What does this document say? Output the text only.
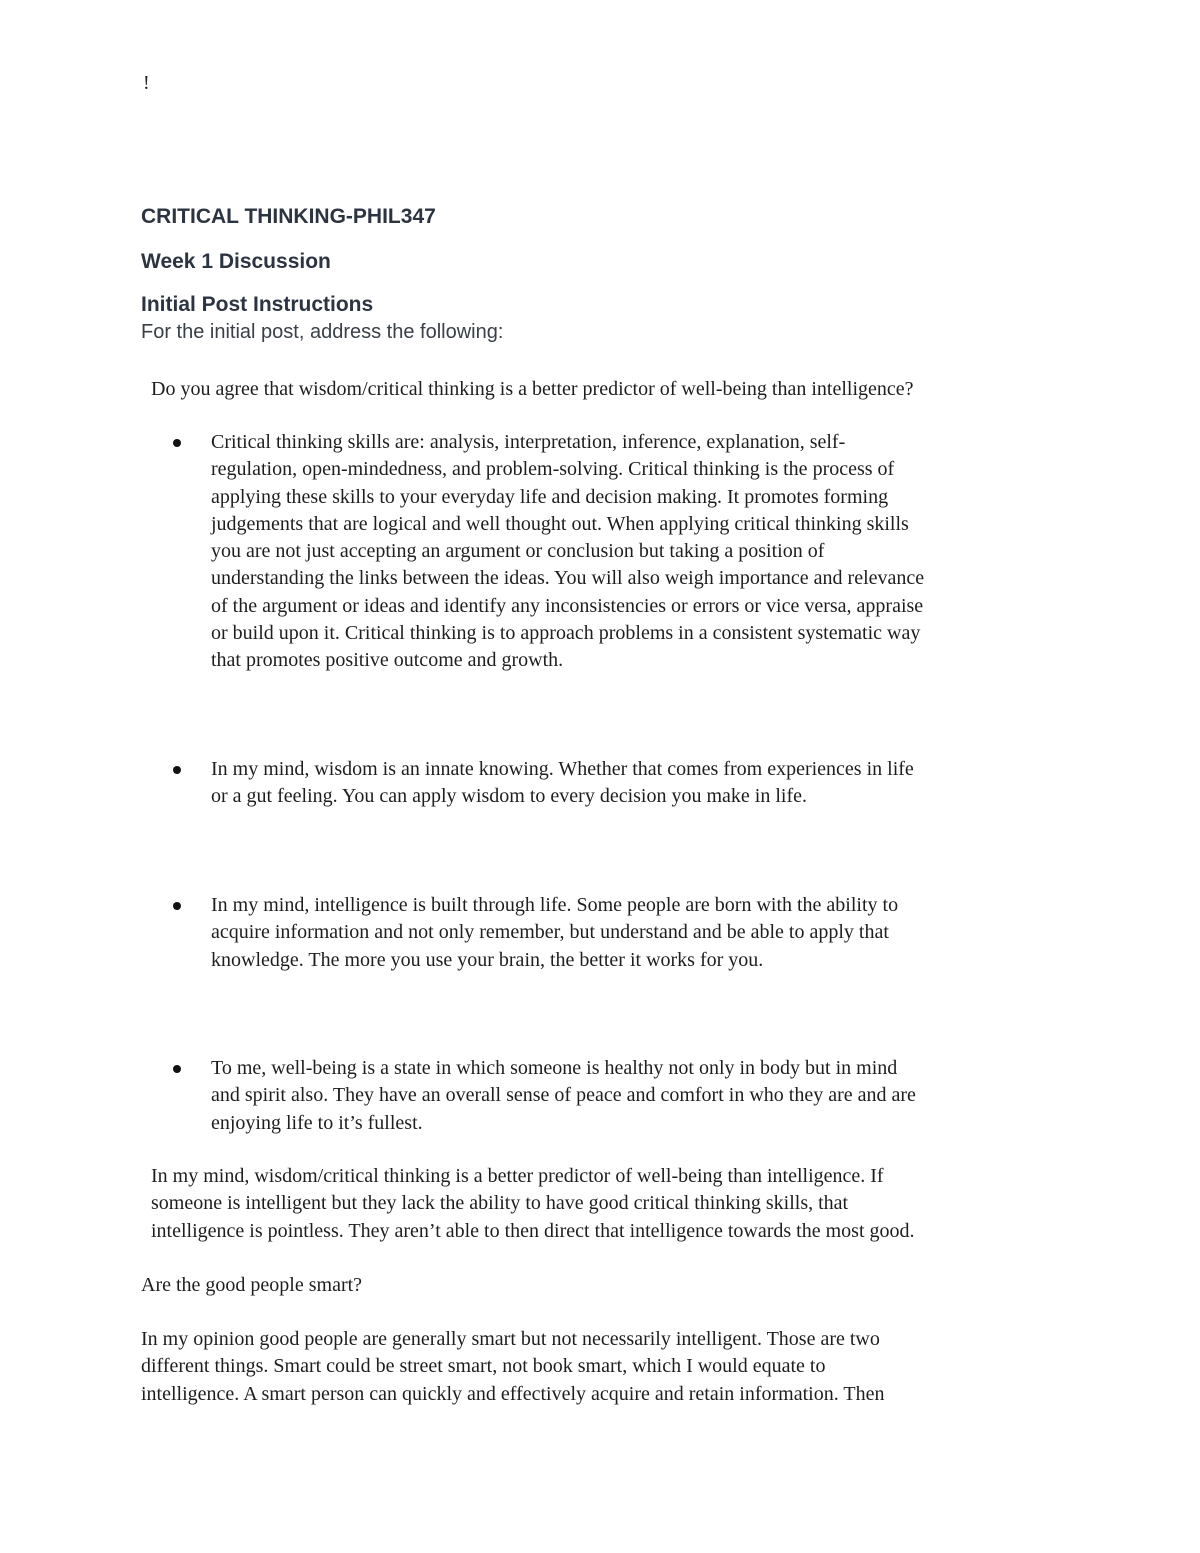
!
CRITICAL THINKING-PHIL347
Week 1 Discussion
Initial Post Instructions

For the initial post, address the following:

Do you agree that wisdom/critical thinking is a better predictor of well-being than intelligence?

Critical thinking skills are: analysis, interpretation, inference, explanation, self-

regulation, open-mindedness, and problem-solving. Critical thinking is the process of

applying these skills to your everyday life and decision making. It promotes forming

judgements that are logical and well thought out. When applying critical thinking skills

you are not just accepting an argument or conclusion but taking a position of

understanding the links between the ideas. You will also weigh importance and relevance

of the argument or ideas and identify any inconsistencies or errors or vice versa, appraise

or build upon it. Critical thinking is to approach problems in a consistent systematic way

that promotes positive outcome and growth.

In my mind, wisdom is an innate knowing. Whether that comes from experiences in life

or a gut feeling. You can apply wisdom to every decision you make in life.

In my mind, intelligence is built through life. Some people are born with the ability to

acquire information and not only remember, but understand and be able to apply that

knowledge. The more you use your brain, the better it works for you.

To me, well-being is a state in which someone is healthy not only in body but in mind

and spirit also. They have an overall sense of peace and comfort in who they are and are

enjoying life to it’s fullest.

In my mind, wisdom/critical thinking is a better predictor of well-being than intelligence. If

someone is intelligent but they lack the ability to have good critical thinking skills, that

intelligence is pointless. They aren’t able to then direct that intelligence towards the most good.

Are the good people smart?

In my opinion good people are generally smart but not necessarily intelligent. Those are two

different things. Smart could be street smart, not book smart, which I would equate to

intelligence. A smart person can quickly and effectively acquire and retain information. Then
